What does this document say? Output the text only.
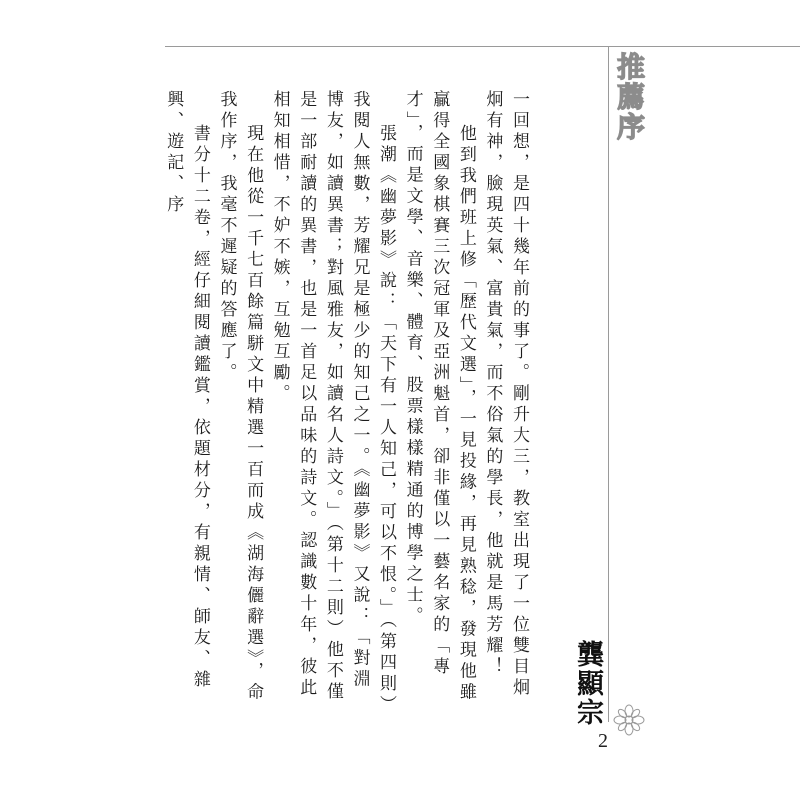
推薦序

一回想，是四十幾年前的事了。剛升大三，教室出現了一位雙目炯炯有神，臉現英氣、富貴氣，而不俗氣的學長，他就是馬芳耀！

他到我們班上修「歷代文選」，一見投緣，再見熟稔，發現他雖贏得全國象棋賽三次冠軍及亞洲魁首，卻非僅以一藝名家的「專才」，而是文學、音樂、體育、股票樣樣精通的博學之士。

張潮《幽夢影》說：「天下有一人知己，可以不恨。」（第四則）我閱人無數，芳耀兄是極少的知己之一。《幽夢影》又說：「對淵博友，如讀異書；對風雅友，如讀名人詩文。」（第十二則）他不僅是一部耐讀的異書，也是一首足以品味的詩文。認識數十年，彼此相知相惜，不妒不嫉，互勉互勵。

現在他從一千七百餘篇駢文中精選一百而成《湖海儷辭選》，命我作序，我毫不遲疑的答應了。

書分十二卷，經仔細閱讀鑑賞，依題材分，有親情、師友、雜興、遊記、序

龔顯宗
2
